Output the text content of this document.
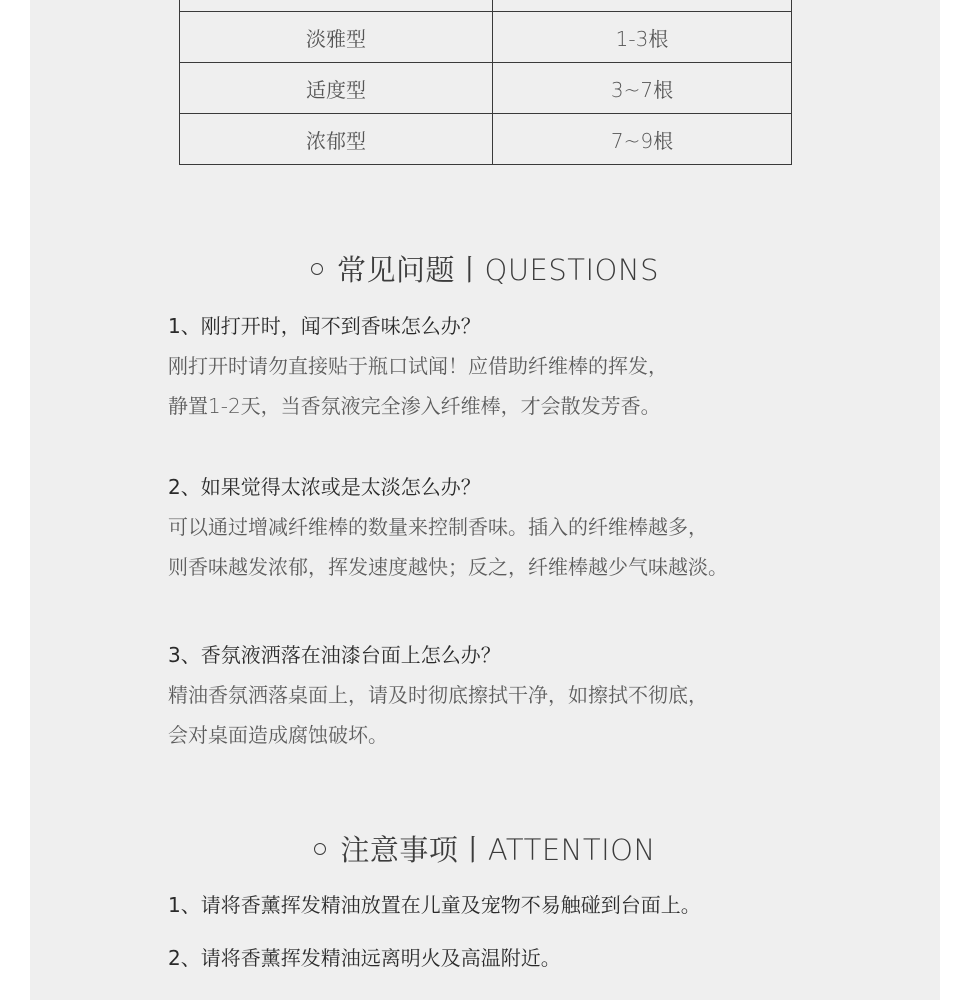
淡雅型	1-3根
适度型	3~7根
浓郁型	7~9根
常见问题丨QUESTIONS

1、刚打开时，闻不到香味怎么办？

刚打开时请勿直接贴于瓶口试闻！应借助纤维棒的挥发，

静置1-2天，当香氛液完全渗入纤维棒，才会散发芳香。

2、如果觉得太浓或是太淡怎么办？

可以通过增减纤维棒的数量来控制香味。插入的纤维棒越多，

则香味越发浓郁，挥发速度越快；反之，纤维棒越少气味越淡。

3、香氛液洒落在油漆台面上怎么办？

精油香氛洒落桌面上，请及时彻底擦拭干净，如擦拭不彻底，

会对桌面造成腐蚀破坏。

注意事项丨ATTENTION

1、请将香薰挥发精油放置在儿童及宠物不易触碰到台面上。

2、请将香薰挥发精油远离明火及高温附近。
